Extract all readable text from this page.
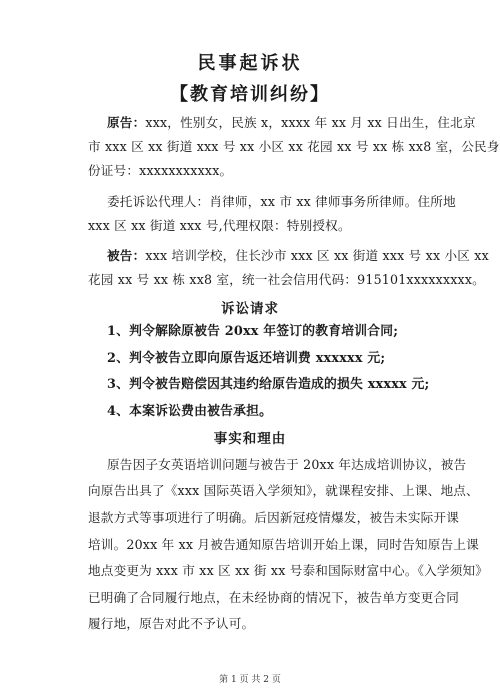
民事起诉状
【教育培训纠纷】
原告：xxx，性别女，民族 x，xxxx 年 xx 月 xx 日出生，住北京
市 xxx 区 xx 街道 xxx 号 xx 小区 xx 花园 xx 号 xx 栋 xx8 室，公民身
份证号：xxxxxxxxxxx。
委托诉讼代理人：肖律师，xx 市 xx 律师事务所律师。住所地
xxx 区 xx 街道 xxx 号,代理权限：特别授权。
被告：xxx 培训学校，住长沙市 xxx 区 xx 街道 xxx 号 xx 小区 xx
花园 xx 号 xx 栋 xx8 室，统一社会信用代码：915101xxxxxxxxx。
诉讼请求
1、判令解除原被告 20xx 年签订的教育培训合同;
2、判令被告立即向原告返还培训费 xxxxxx 元;
3、判令被告赔偿因其违约给原告造成的损失 xxxxx 元;
4、本案诉讼费由被告承担。
事实和理由
原告因子女英语培训问题与被告于 20xx 年达成培训协议，被告
向原告出具了《xxx 国际英语入学须知》，就课程安排、上课、地点、
退款方式等事项进行了明确。后因新冠疫情爆发，被告未实际开课
培训。20xx 年 xx 月被告通知原告培训开始上课，同时告知原告上课
地点变更为 xxx 市 xx 区 xx 街 xx 号泰和国际财富中心。《入学须知》
已明确了合同履行地点，在未经协商的情况下，被告单方变更合同
履行地，原告对此不予认可。
第 1 页 共 2 页
